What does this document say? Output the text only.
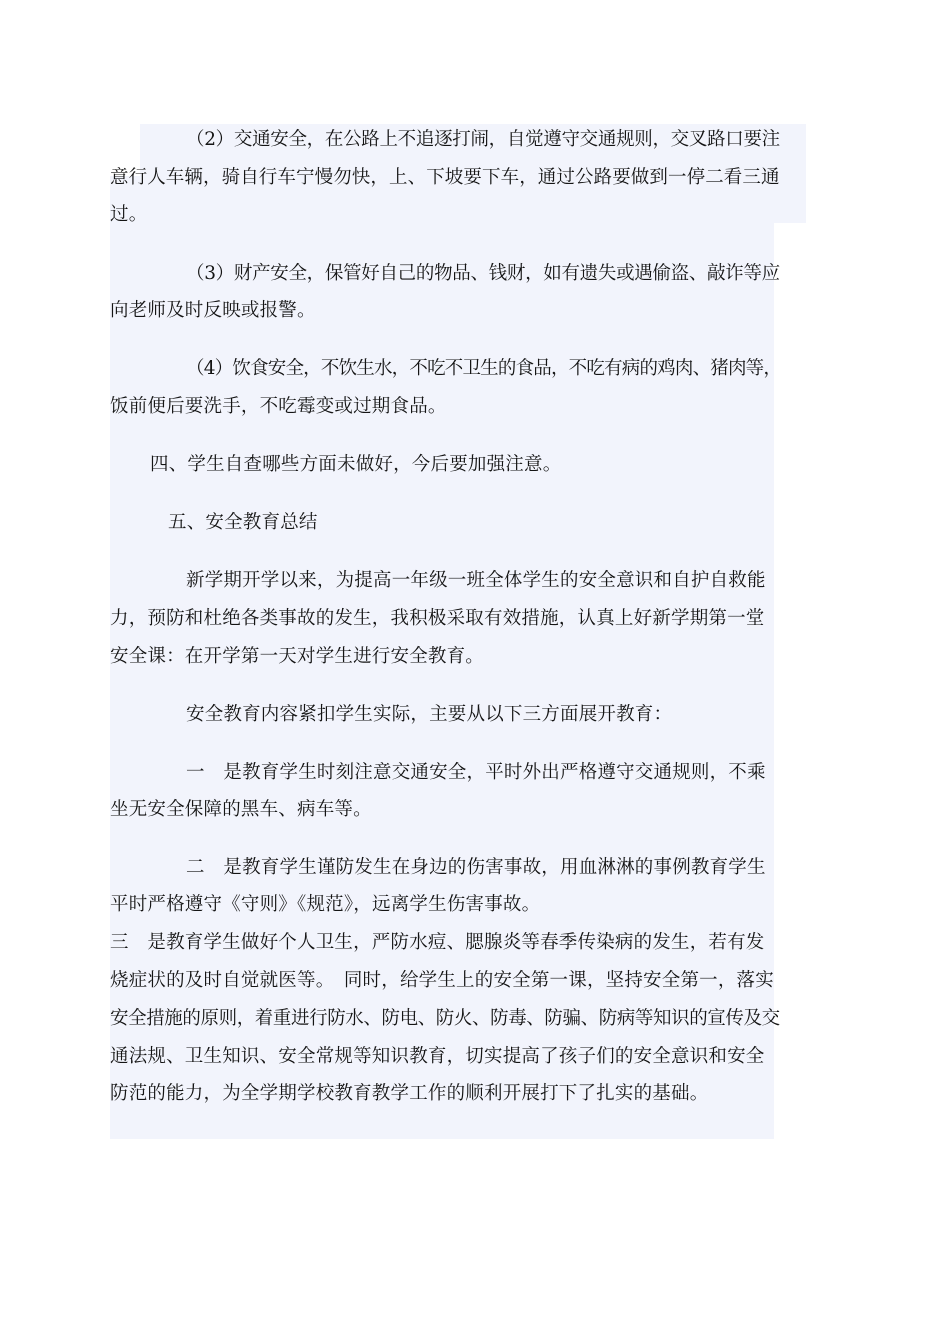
（2）交通安全，在公路上不追逐打闹，自觉遵守交通规则，交叉路口要注
意行人车辆，骑自行车宁慢勿快，上、下坡要下车，通过公路要做到一停二看三通
过。
（3）财产安全，保管好自己的物品、钱财，如有遗失或遇偷盗、敲诈等应
向老师及时反映或报警。
（4）饮食安全，不饮生水，不吃不卫生的食品，不吃有病的鸡肉、猪肉等，
饭前便后要洗手，不吃霉变或过期食品。
四、学生自查哪些方面未做好，今后要加强注意。
五、安全教育总结
新学期开学以来，为提高一年级一班全体学生的安全意识和自护自救能
力，预防和杜绝各类事故的发生，我积极采取有效措施，认真上好新学期第一堂
安全课：在开学第一天对学生进行安全教育。
安全教育内容紧扣学生实际，主要从以下三方面展开教育：
一　是教育学生时刻注意交通安全，平时外出严格遵守交通规则，不乘
坐无安全保障的黑车、病车等。
二　是教育学生谨防发生在身边的伤害事故，用血淋淋的事例教育学生
平时严格遵守《守则》《规范》，远离学生伤害事故。
三　是教育学生做好个人卫生，严防水痘、腮腺炎等春季传染病的发生，若有发
烧症状的及时自觉就医等。　同时，给学生上的安全第一课，坚持安全第一，落实
安全措施的原则，着重进行防水、防电、防火、防毒、防骗、防病等知识的宣传及交
通法规、卫生知识、安全常规等知识教育，切实提高了孩子们的安全意识和安全
防范的能力，为全学期学校教育教学工作的顺利开展打下了扎实的基础。
